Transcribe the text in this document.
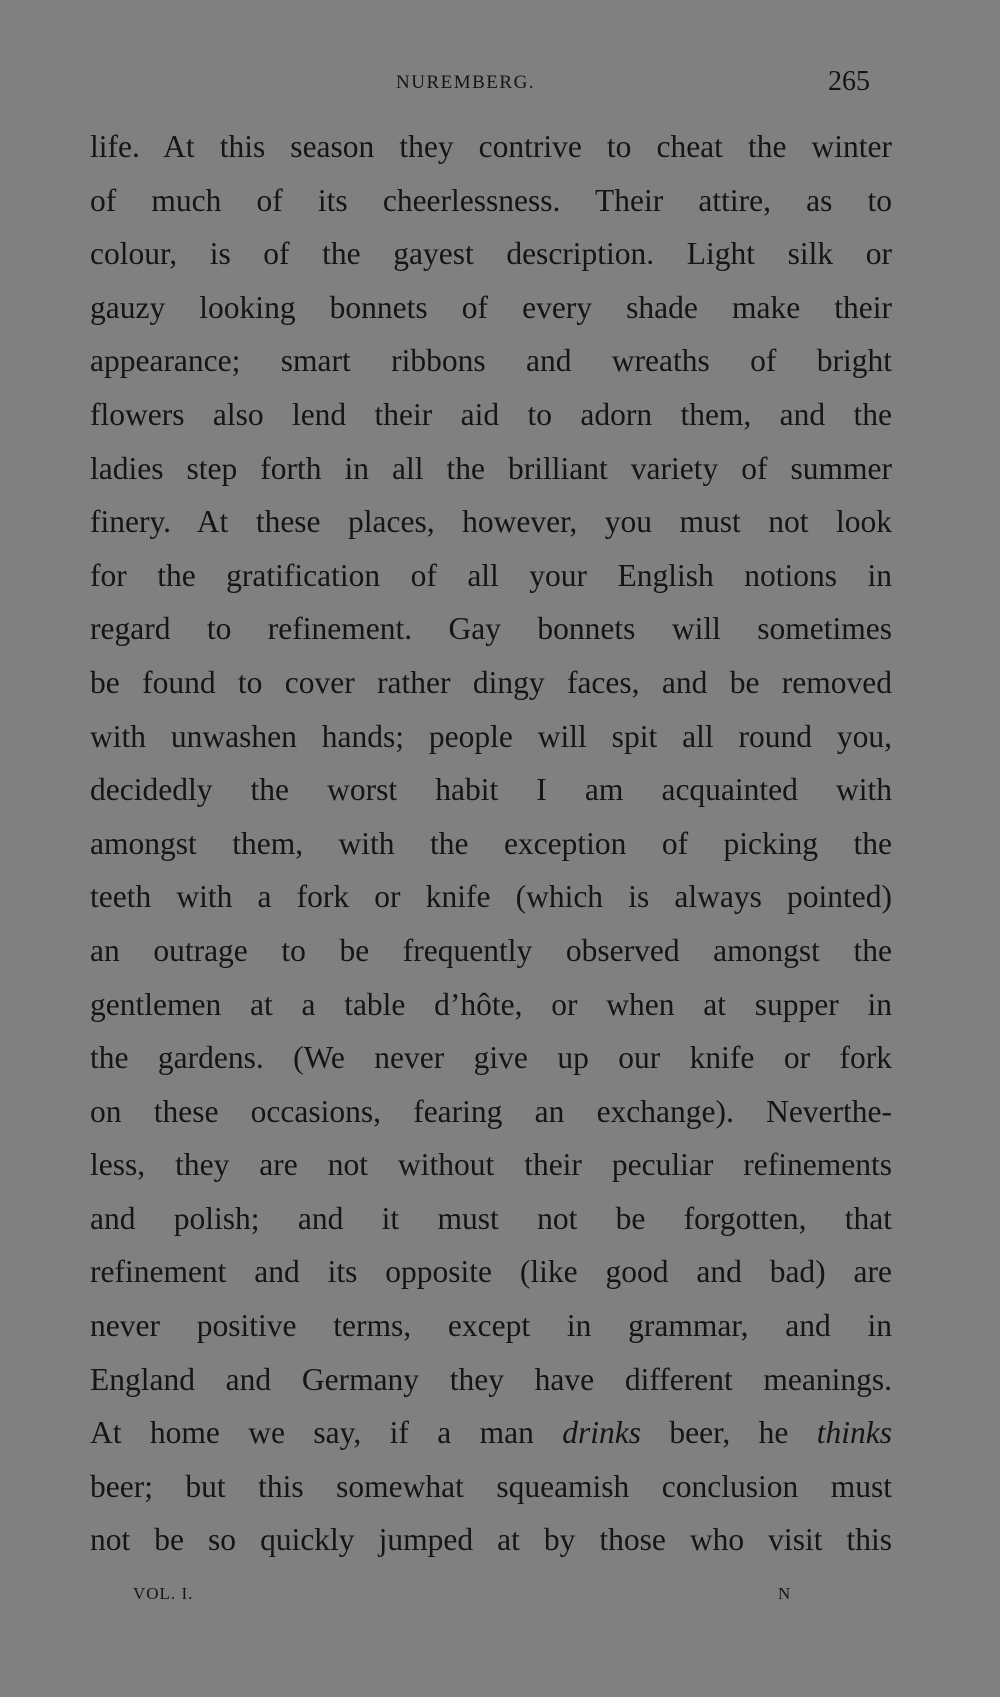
NUREMBERG.	265
life. At this season they contrive to cheat the winter
of much of its cheerlessness. Their attire, as to
colour, is of the gayest description. Light silk or
gauzy looking bonnets of every shade make their
appearance; smart ribbons and wreaths of bright
flowers also lend their aid to adorn them, and the
ladies step forth in all the brilliant variety of summer
finery. At these places, however, you must not look
for the gratification of all your English notions in
regard to refinement. Gay bonnets will sometimes
be found to cover rather dingy faces, and be removed
with unwashen hands; people will spit all round you,
decidedly the worst habit I am acquainted with
amongst them, with the exception of picking the
teeth with a fork or knife (which is always pointed)
an outrage to be frequently observed amongst the
gentlemen at a table d’hôte, or when at supper in
the gardens. (We never give up our knife or fork
on these occasions, fearing an exchange). Neverthe-
less, they are not without their peculiar refinements
and polish; and it must not be forgotten, that
refinement and its opposite (like good and bad) are
never positive terms, except in grammar, and in
England and Germany they have different meanings.
At home we say, if a man drinks beer, he thinks
beer; but this somewhat squeamish conclusion must
not be so quickly jumped at by those who visit this
VOL. I.	N
